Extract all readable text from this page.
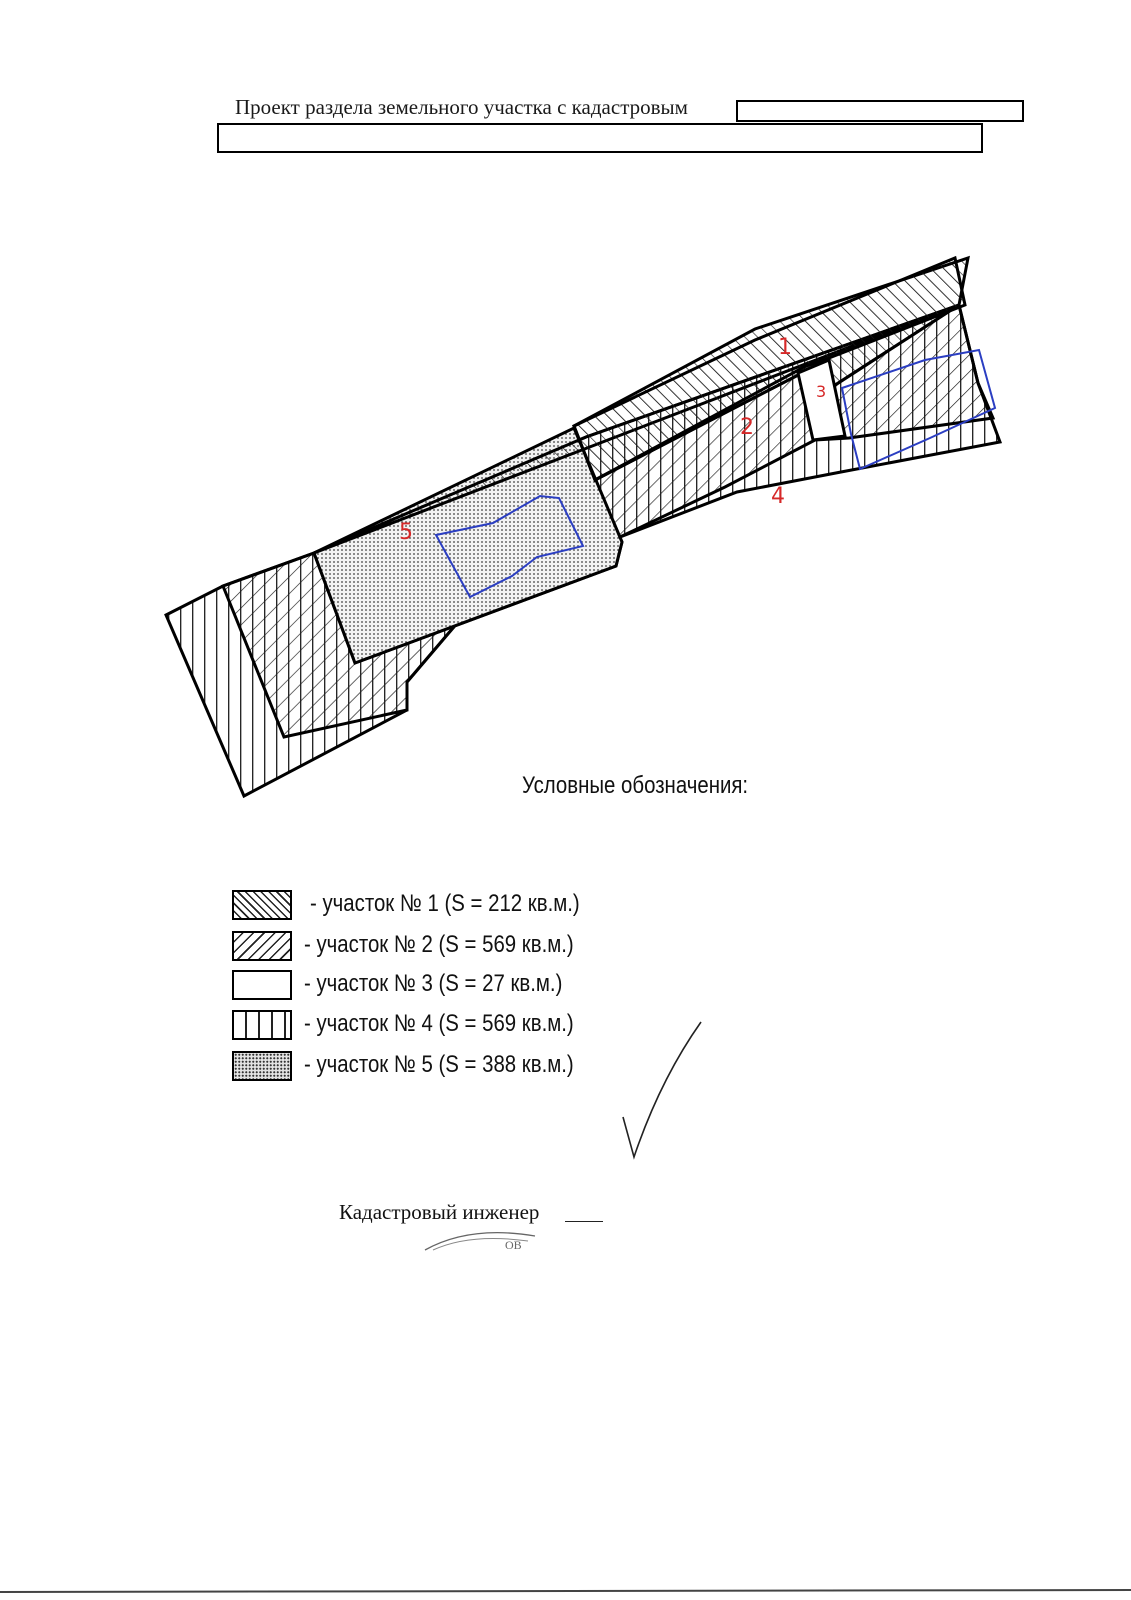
Проект раздела земельного участка с кадастровым
1
2
3
4
5
Условные обозначения:
- участок № 1 (S = 212 кв.м.)
- участок № 2 (S = 569 кв.м.)
- участок № 3 (S = 27 кв.м.)
- участок № 4 (S = 569 кв.м.)
- участок № 5 (S = 388 кв.м.)
Кадастровый инженер
ОВ
